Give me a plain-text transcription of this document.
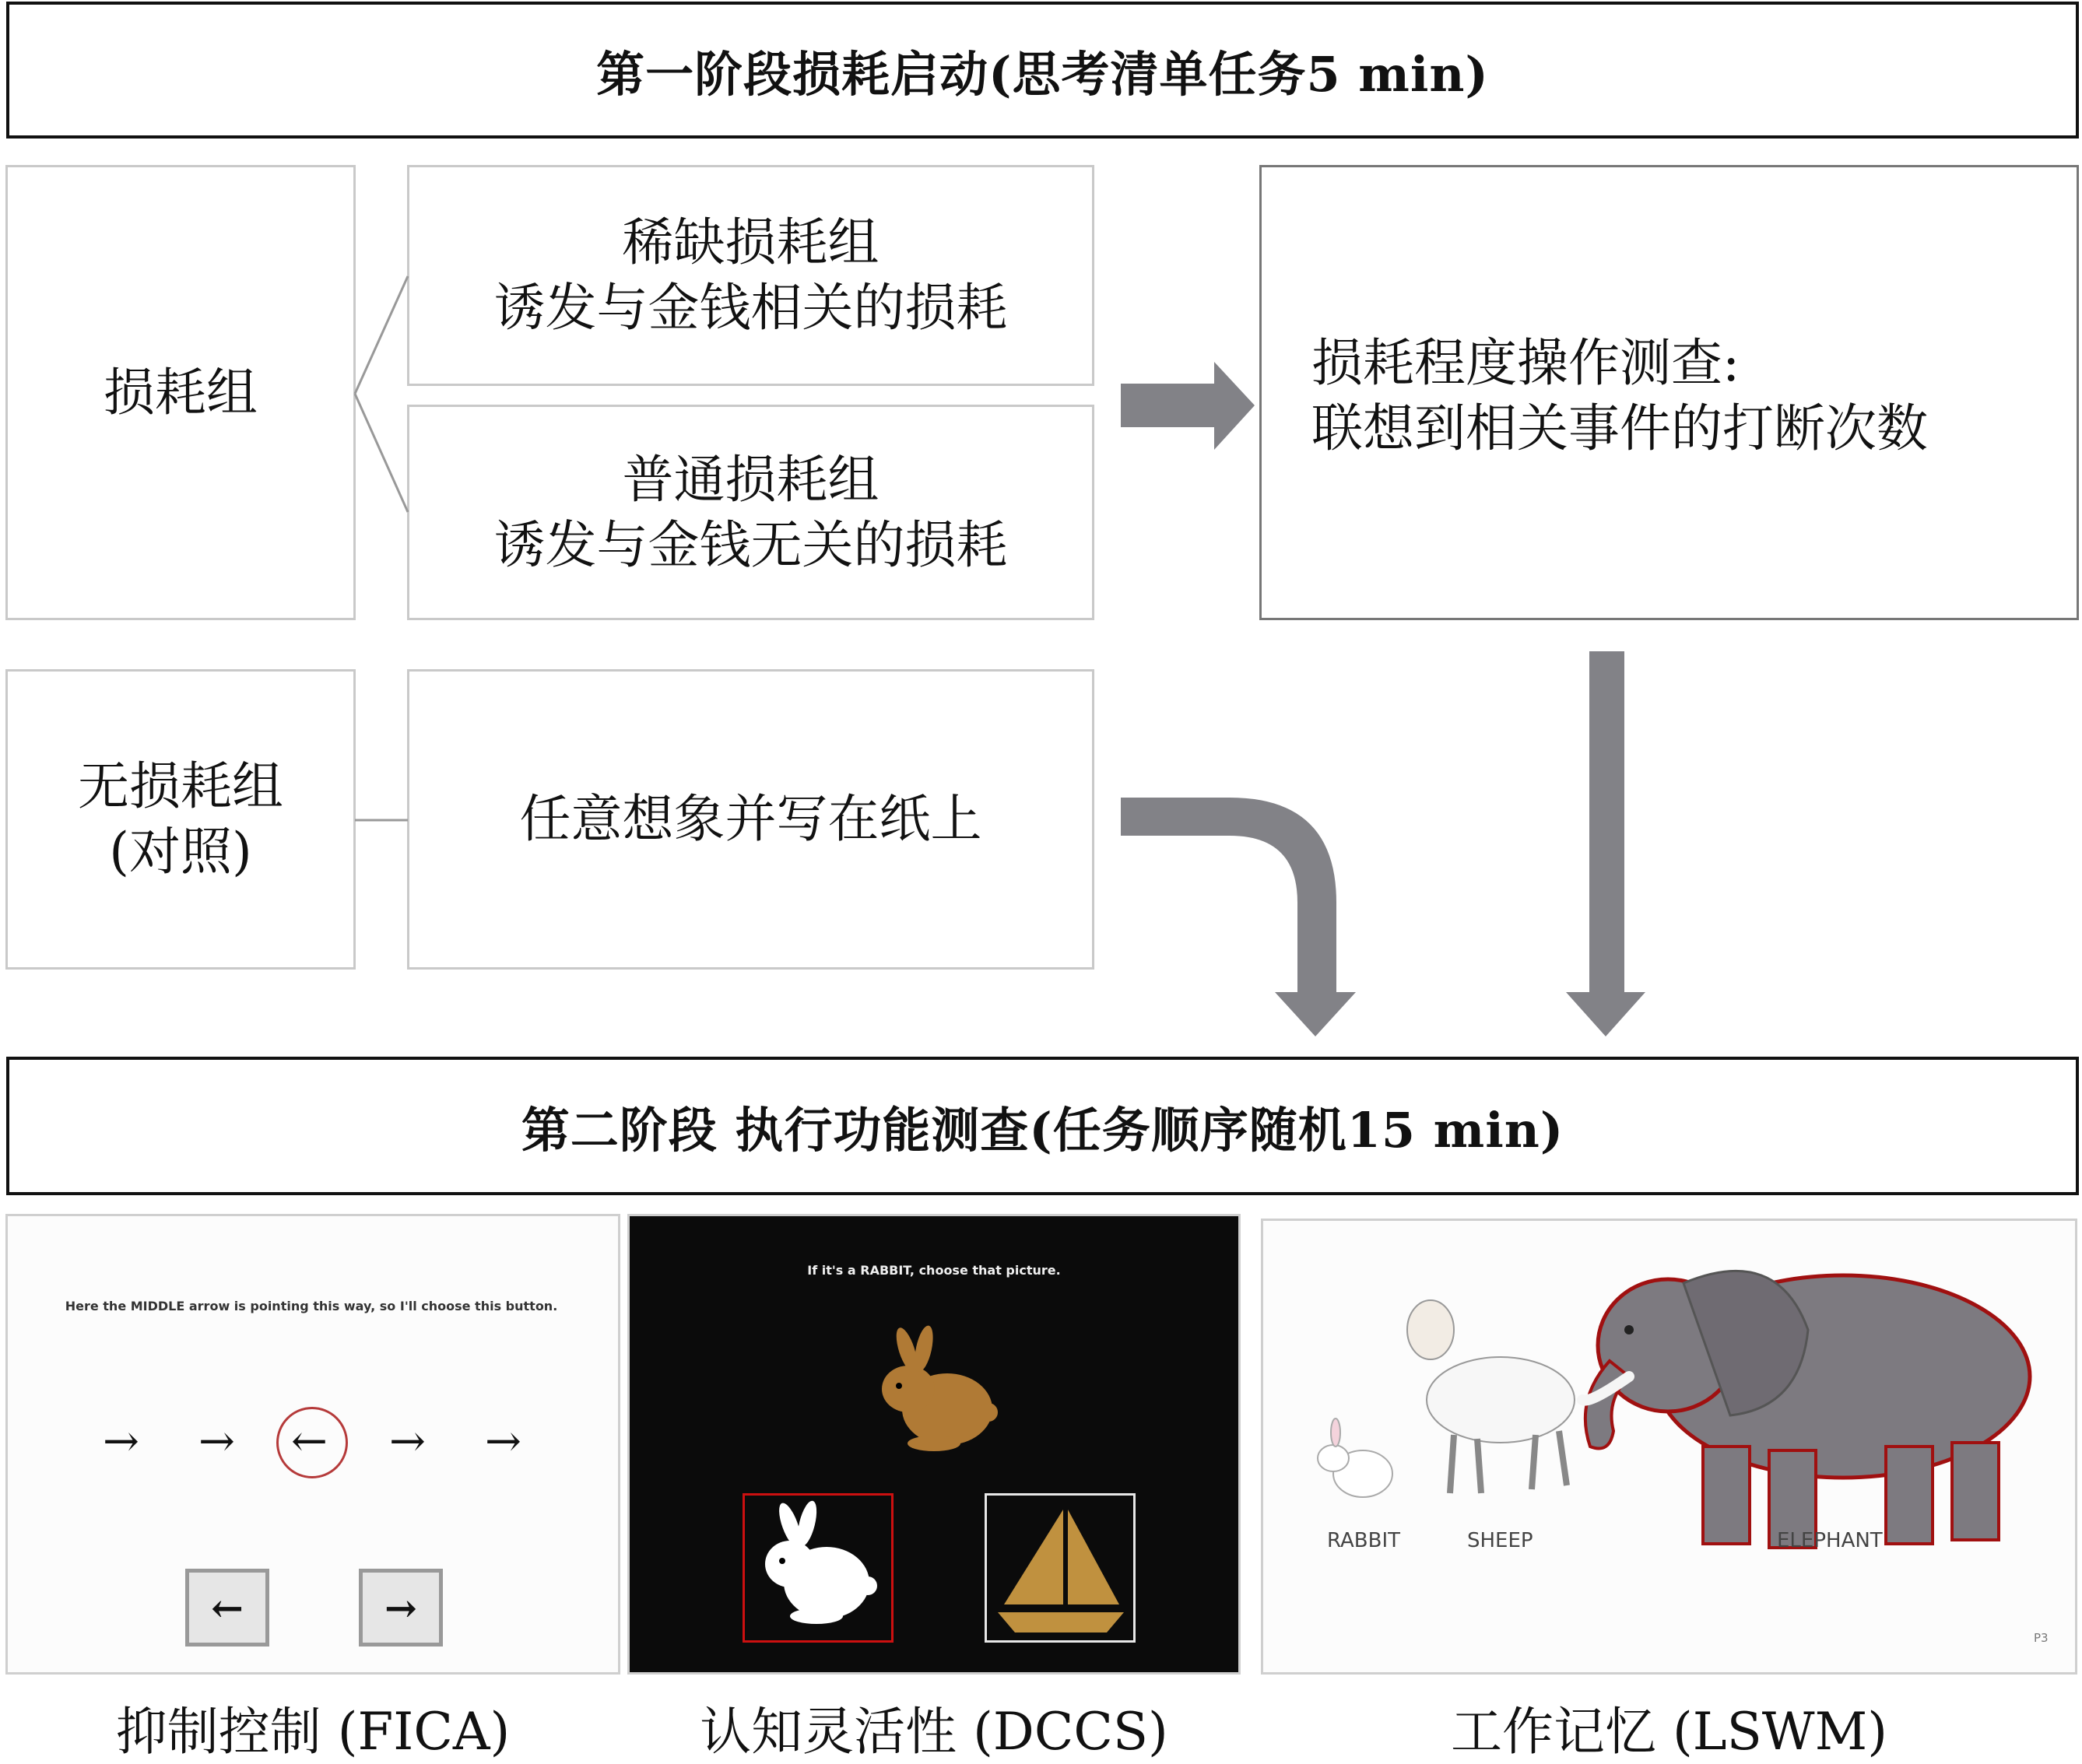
第一阶段损耗启动(思考清单任务5 min)
损耗组
稀缺损耗组
诱发与金钱相关的损耗
普通损耗组
诱发与金钱无关的损耗
损耗程度操作测查:
联想到相关事件的打断次数
无损耗组
(对照)
任意想象并写在纸上
第二阶段 执行功能测查(任务顺序随机15 min)
Here the MIDDLE arrow is pointing this way, so I'll choose this button.
→ → ← → →
←	→
If it's a RABBIT, choose that picture.
RABBIT	SHEEP	ELEPHANT
P3
抑制控制 (FICA)	认知灵活性 (DCCS)	工作记忆 (LSWM)
